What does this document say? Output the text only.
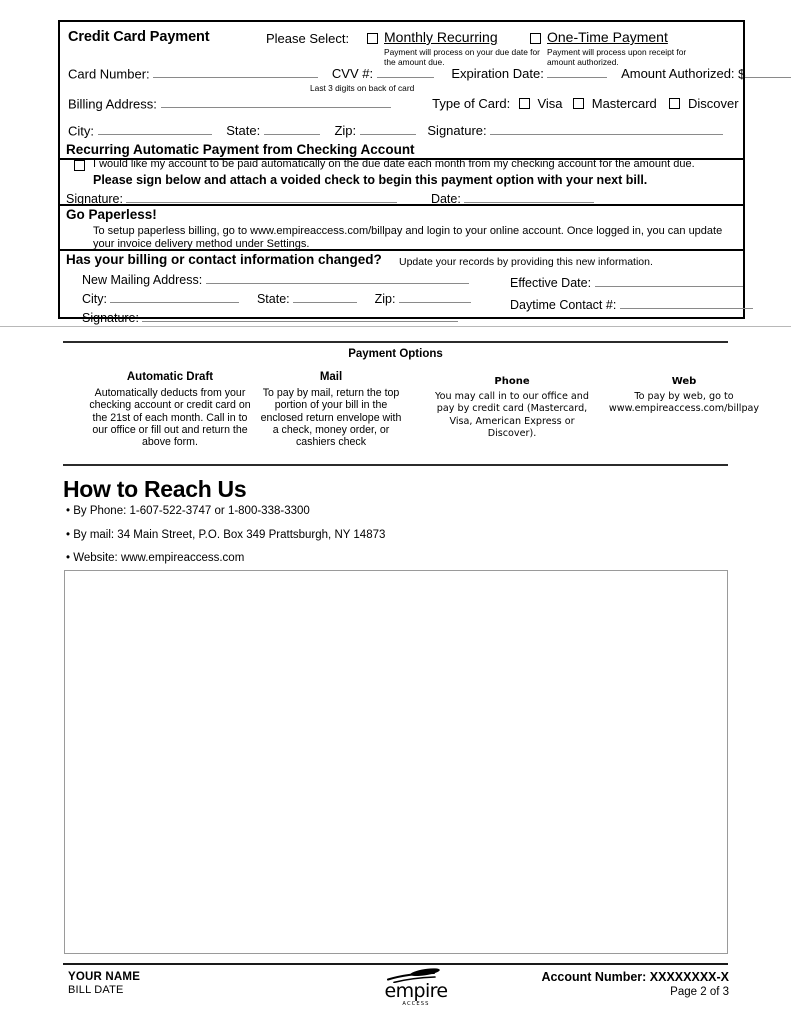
Credit Card Payment	Please Select: Monthly Recurring
Payment will process on your due date for the amount due.
One-Time Payment
Payment will process upon receipt for amount authorized.
Card Number:	CVV #:	Expiration Date:	Amount Authorized: $
Last 3 digits on back of card
Billing Address:	Type of Card: Visa Mastercard Discover
City:	State:	Zip:	Signature:
Recurring Automatic Payment from Checking Account
I would like my account to be paid automatically on the due date each month from my checking account for the amount due.
Please sign below and attach a voided check to begin this payment option with your next bill.
Signature:	Date:
Go Paperless!
To setup paperless billing, go to www.empireaccess.com/billpay and login to your online account. Once logged in, you can update your invoice delivery method under Settings.
Has your billing or contact information changed? Update your records by providing this new information.
New Mailing Address:
City:	State:	Zip:
Signature:
Effective Date:
Daytime Contact #:
Payment Options
Automatic Draft
Automatically deducts from your checking account or credit card on the 21st of each month. Call in to our office or fill out and return the above form.
Mail
To pay by mail, return the top portion of your bill in the enclosed return envelope with a check, money order, or cashiers check
Phone
You may call in to our office and pay by credit card (Mastercard, Visa, American Express or Discover).
Web
To pay by web, go to www.empireaccess.com/billpay
How to Reach Us
• By Phone: 1-607-522-3747 or 1-800-338-3300
• By mail: 34 Main Street, P.O. Box 349 Prattsburgh, NY 14873
• Website: www.empireaccess.com
YOUR NAME
BILL DATE
Account Number: XXXXXXXX-X
Page 2 of 3
empire
ACCESS
